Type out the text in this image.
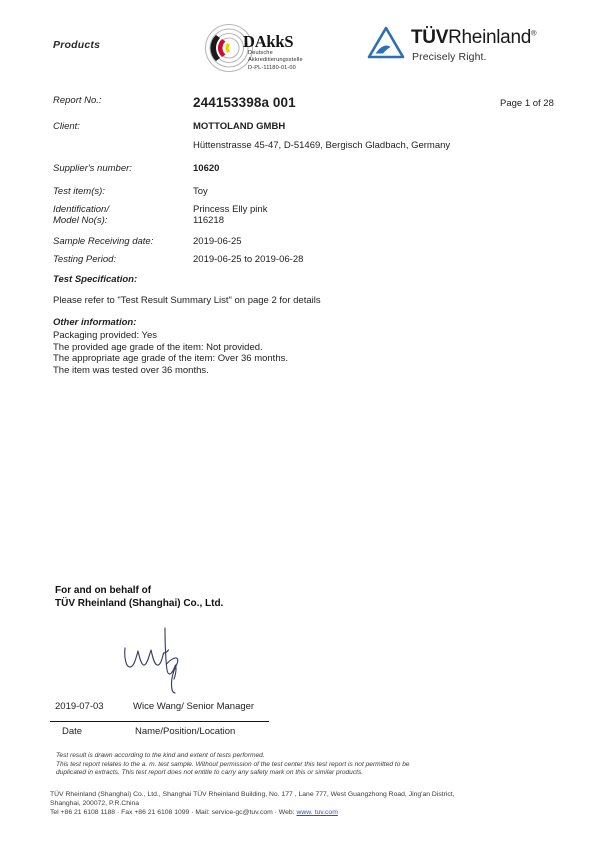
Products	DAkkS
Deutsche
Akkreditierungsstelle
D-PL-11180-01-00
TÜVRheinland®
Precisely Right.
Report No.:	244153398a 001	Page 1 of 28
Client:	MOTTOLAND GMBH
Hüttenstrasse 45-47, D-51469, Bergisch Gladbach, Germany
Supplier's number:	10620
Test item(s):	Toy
Identification/	Princess Elly pink
Model No(s):	116218
Sample Receiving date:	2019-06-25
Testing Period:	2019-06-25 to 2019-06-28
Test Specification:
Please refer to "Test Result Summary List" on page 2 for details
Other information:
Packaging provided: Yes
The provided age grade of the item: Not provided.
The appropriate age grade of the item: Over 36 months.
The item was tested over 36 months.
For and on behalf of
TÜV Rheinland (Shanghai) Co., Ltd.
2019-07-03	Wice Wang/ Senior Manager
Date	Name/Position/Location
Test result is drawn according to the kind and extent of tests performed.
This test report relates to the a. m. test sample. Without permission of the test center this test report is not permitted to be
duplicated in extracts. This test report does not entitle to carry any safety mark on this or similar products.
TÜV Rheinland (Shanghai) Co., Ltd., Shanghai TÜV Rheinland Building, No. 177 , Lane 777, West Guangzhong Road, Jing'an District,
Shanghai, 200072, P.R.China
Tel +86 21 6108 1188 · Fax +86 21 6108 1099 · Mail: service-gc@tuv.com · Web: www. tuv.com
